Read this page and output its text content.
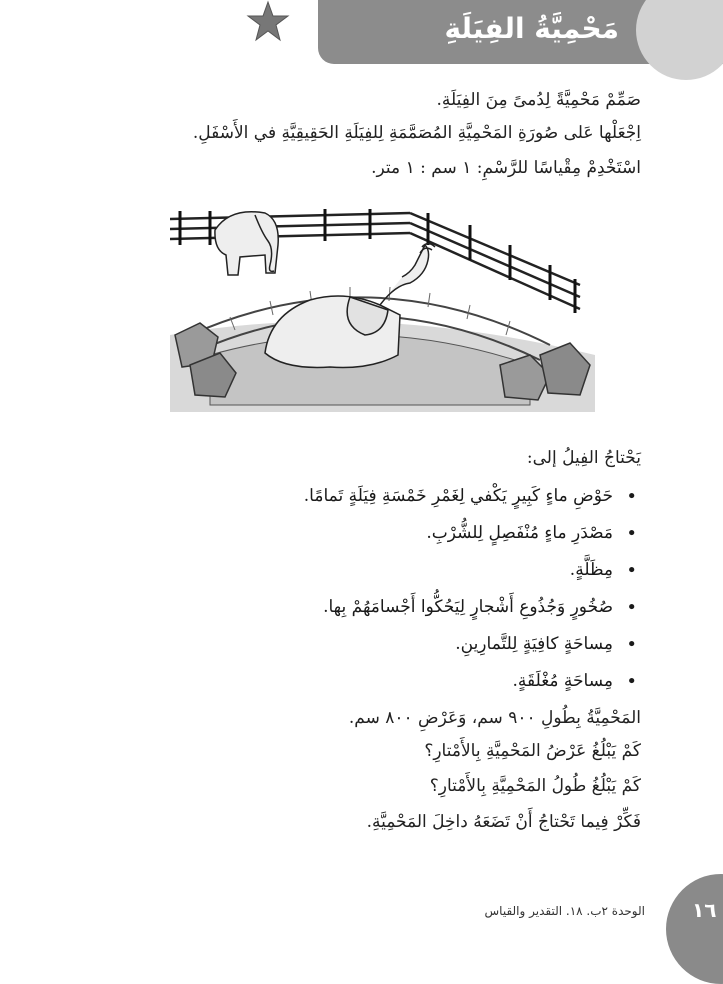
مَحْمِيَّةُ الفِيَلَةِ
صَمِّمْ مَحْمِيَّةً لِدُمىً مِنَ الفِيَلَةِ.
اِجْعَلْها عَلى صُورَةِ المَحْمِيَّةِ المُصَمَّمَةِ لِلفِيَلَةِ الحَقِيقِيَّةِ في الأَسْفَلِ.
اسْتَخْدِمْ مِقْياسًا للرَّسْمِ: ١ سم : ١ متر.
يَحْتاجُ الفِيلُ إلى:
• حَوْضِ ماءٍ كَبِيرٍ يَكْفي لِغَمْرِ خَمْسَةِ فِيَلَةٍ تَمامًا.
• مَصْدَرِ ماءٍ مُنْفَصِلٍ لِلشُّرْبِ.
• مِظَلَّةٍ.
• صُخُورٍ وَجُذُوعِ أَشْجارٍ لِيَحُكُّوا أَجْسامَهُمْ بِها.
• مِساحَةٍ كافِيَةٍ لِلتَّمارِينِ.
• مِساحَةٍ مُغْلَقَةٍ.
المَحْمِيَّةُ بِطُولِ ٩٠٠ سم، وَعَرْضِ ٨٠٠ سم.
كَمْ يَبْلُغُ عَرْضُ المَحْمِيَّةِ بِالأَمْتارِ؟
كَمْ يَبْلُغُ طُولُ المَحْمِيَّةِ بِالأَمْتارِ؟
فَكِّرْ فِيما تَحْتاجُ أَنْ تَضَعَهُ داخِلَ المَحْمِيَّةِ.
١٦
الوحدة ٢ب. ١٨. التقدير والقياس
